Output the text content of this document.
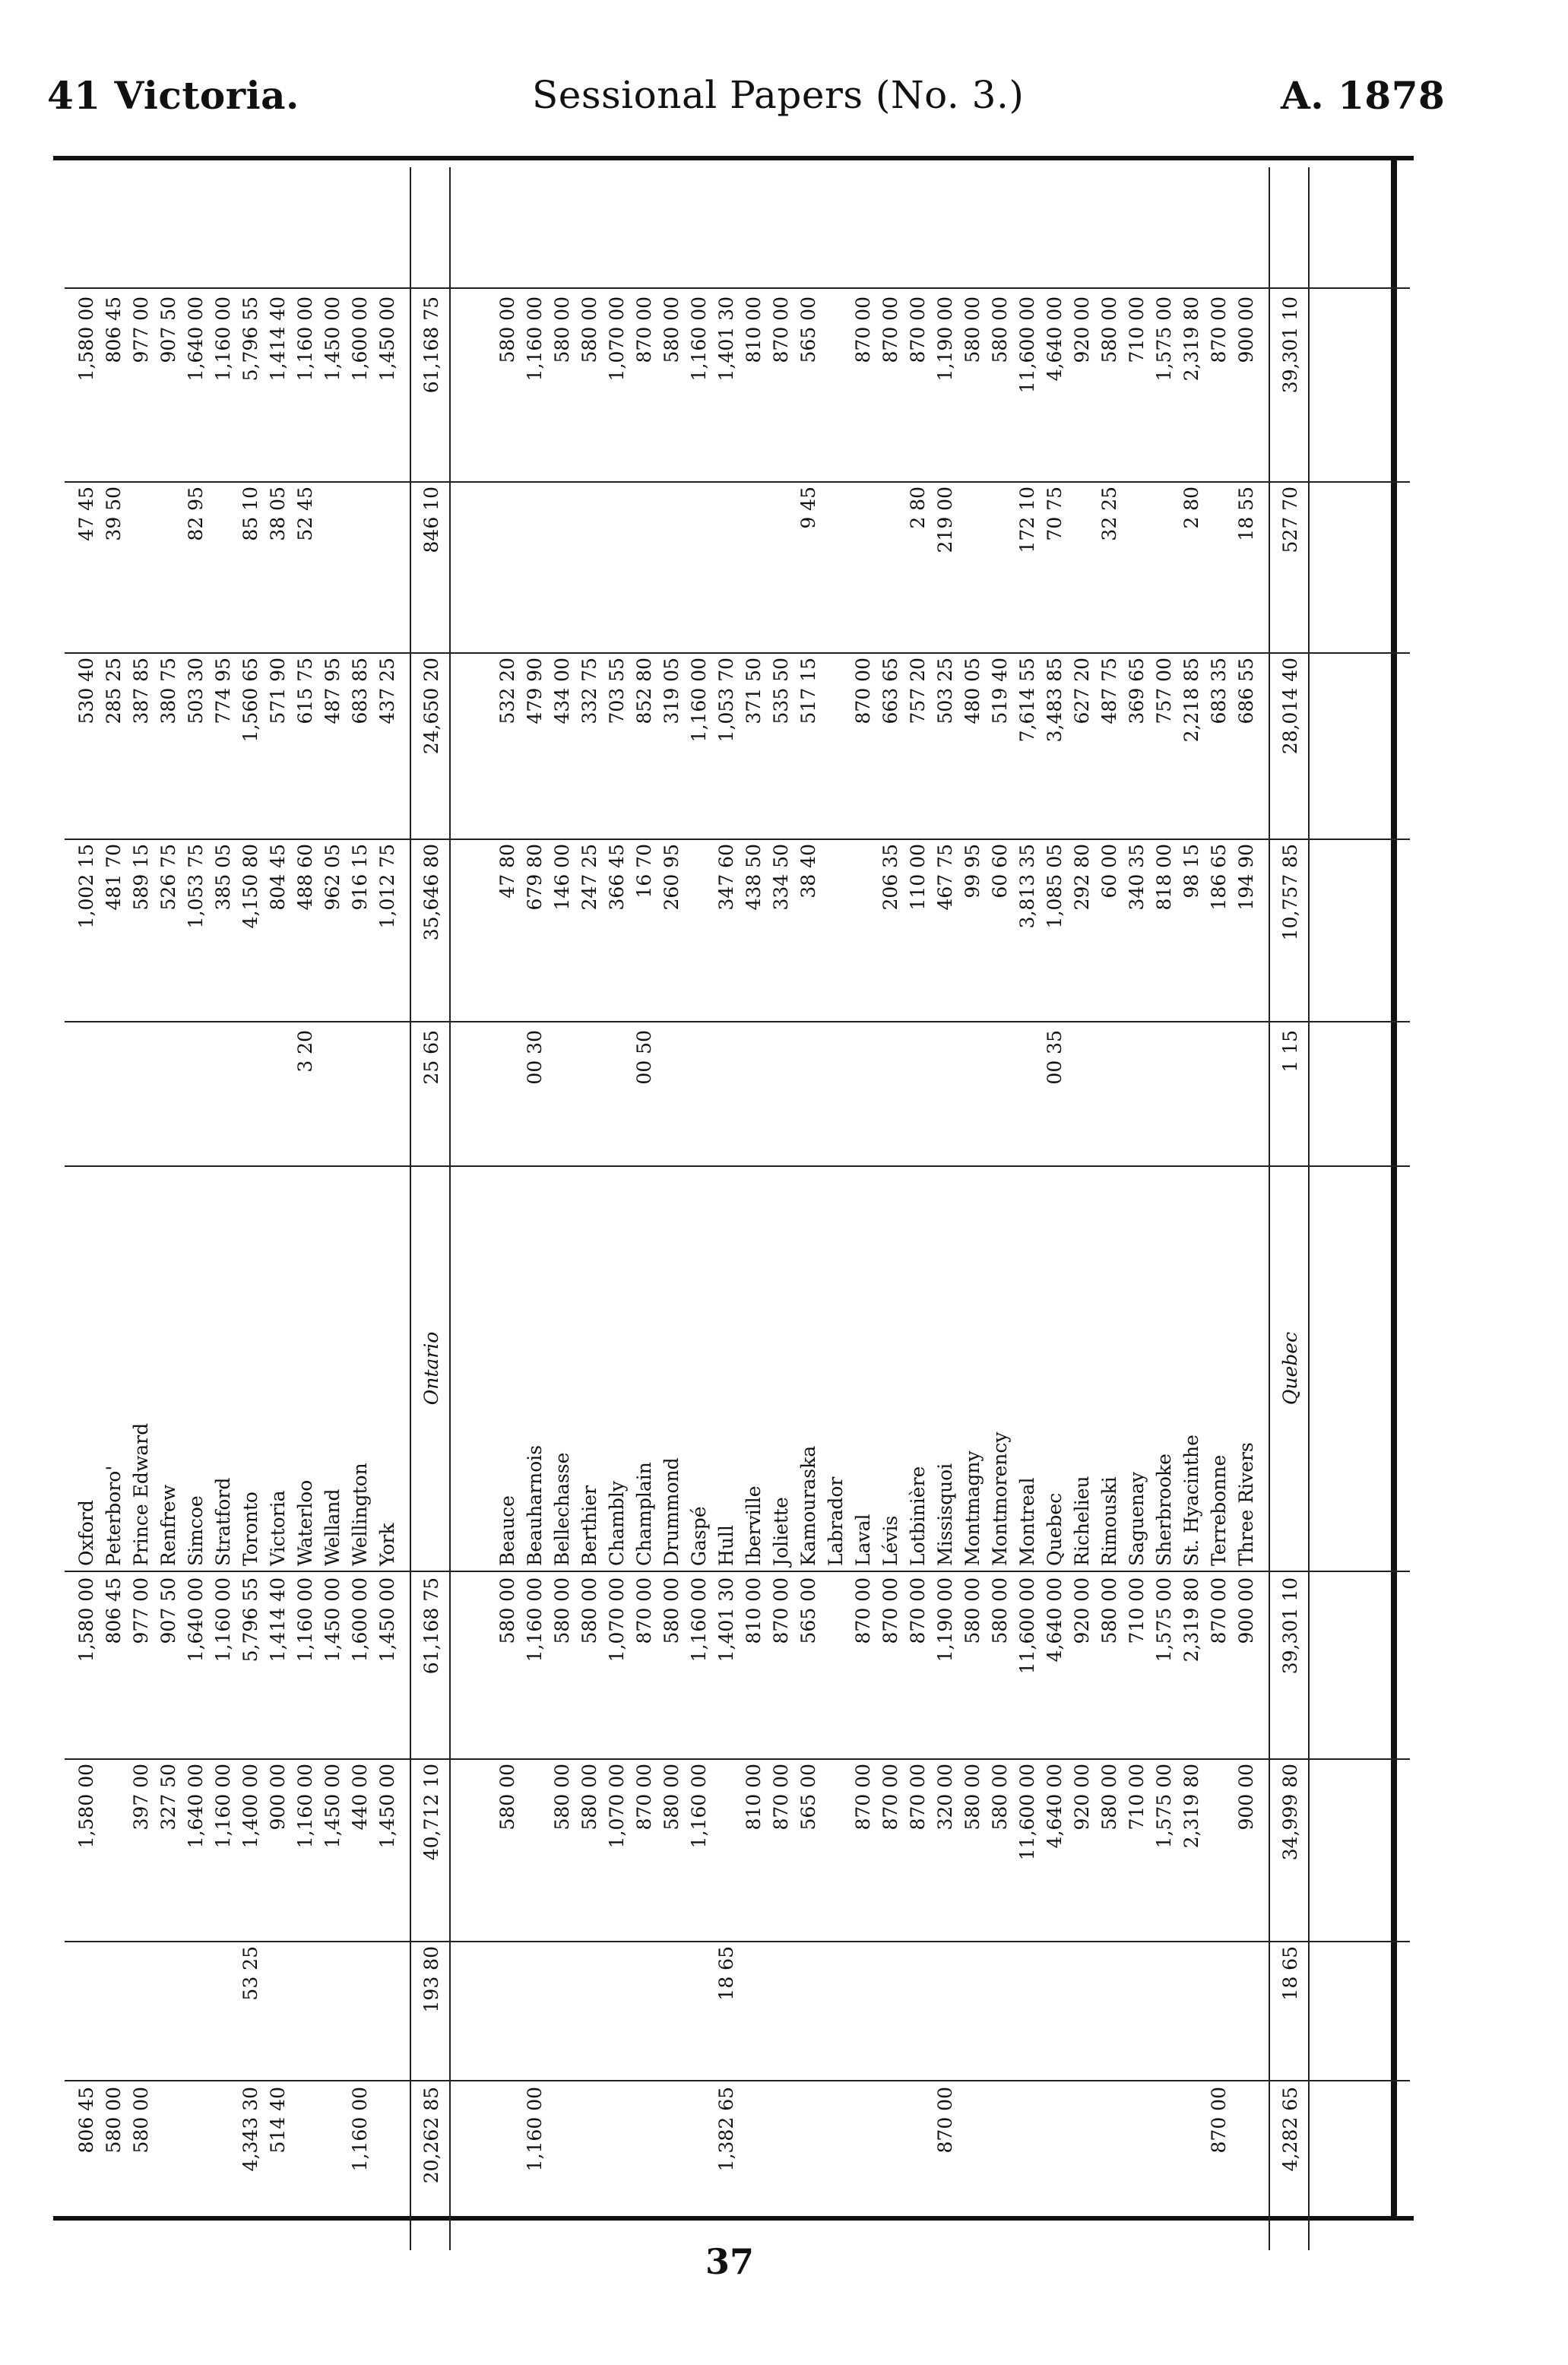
41 Victoria.	Sessional Papers (No. 3.)	A. 1878
806 45
1,580 00
1,580 00
Oxford
1,002 15
530 40
47 45
1,580 00
580 00
806 45
Peterboro'
481 70
285 25
39 50
806 45
580 00
397 00
977 00
Prince Edward
589 15
387 85
977 00
327 50
907 50
Renfrew
526 75
380 75
907 50
1,640 00
1,640 00
Simcoe
1,053 75
503 30
82 95
1,640 00
1,160 00
1,160 00
Stratford
385 05
774 95
1,160 00
4,343 30
53 25
1,400 00
5,796 55
Toronto
4,150 80
1,560 65
85 10
5,796 55
514 40
900 00
1,414 40
Victoria
804 45
571 90
38 05
1,414 40
1,160 00
1,160 00
Waterloo
3 20
488 60
615 75
52 45
1,160 00
1,450 00
1,450 00
Welland
962 05
487 95
1,450 00
1,160 00
440 00
1,600 00
Wellington
916 15
683 85
1,600 00
1,450 00
1,450 00
York
1,012 75
437 25
1,450 00
20,262 85
193 80
40,712 10
61,168 75
Ontario
25 65
35,646 80
24,650 20
846 10
61,168 75
580 00
580 00
Beauce
47 80
532 20
580 00
1,160 00
1,160 00
Beauharnois
00 30
679 80
479 90
1,160 00
580 00
580 00
Bellechasse
146 00
434 00
580 00
580 00
580 00
Berthier
247 25
332 75
580 00
1,070 00
1,070 00
Chambly
366 45
703 55
1,070 00
870 00
870 00
Champlain
00 50
16 70
852 80
870 00
580 00
580 00
Drummond
260 95
319 05
580 00
1,160 00
1,160 00
Gaspé
1,160 00
1,160 00
1,382 65
18 65
1,401 30
Hull
347 60
1,053 70
1,401 30
810 00
810 00
Iberville
438 50
371 50
810 00
870 00
870 00
Joliette
334 50
535 50
870 00
565 00
565 00
Kamouraska
38 40
517 15
9 45
565 00
Labrador
870 00
870 00
Laval
870 00
870 00
870 00
870 00
Lévis
206 35
663 65
870 00
870 00
870 00
Lotbinière
110 00
757 20
2 80
870 00
870 00
320 00
1,190 00
Missisquoi
467 75
503 25
219 00
1,190 00
580 00
580 00
Montmagny
99 95
480 05
580 00
580 00
580 00
Montmorency
60 60
519 40
580 00
11,600 00
11,600 00
Montreal
3,813 35
7,614 55
172 10
11,600 00
4,640 00
4,640 00
Quebec
00 35
1,085 05
3,483 85
70 75
4,640 00
920 00
920 00
Richelieu
292 80
627 20
920 00
580 00
580 00
Rimouski
60 00
487 75
32 25
580 00
710 00
710 00
Saguenay
340 35
369 65
710 00
1,575 00
1,575 00
Sherbrooke
818 00
757 00
1,575 00
2,319 80
2,319 80
St. Hyacinthe
98 15
2,218 85
2 80
2,319 80
870 00
870 00
Terrebonne
186 65
683 35
870 00
900 00
900 00
Three Rivers
194 90
686 55
18 55
900 00
4,282 65
18 65
34,999 80
39,301 10
Quebec
1 15
10,757 85
28,014 40
527 70
39,301 10
37
